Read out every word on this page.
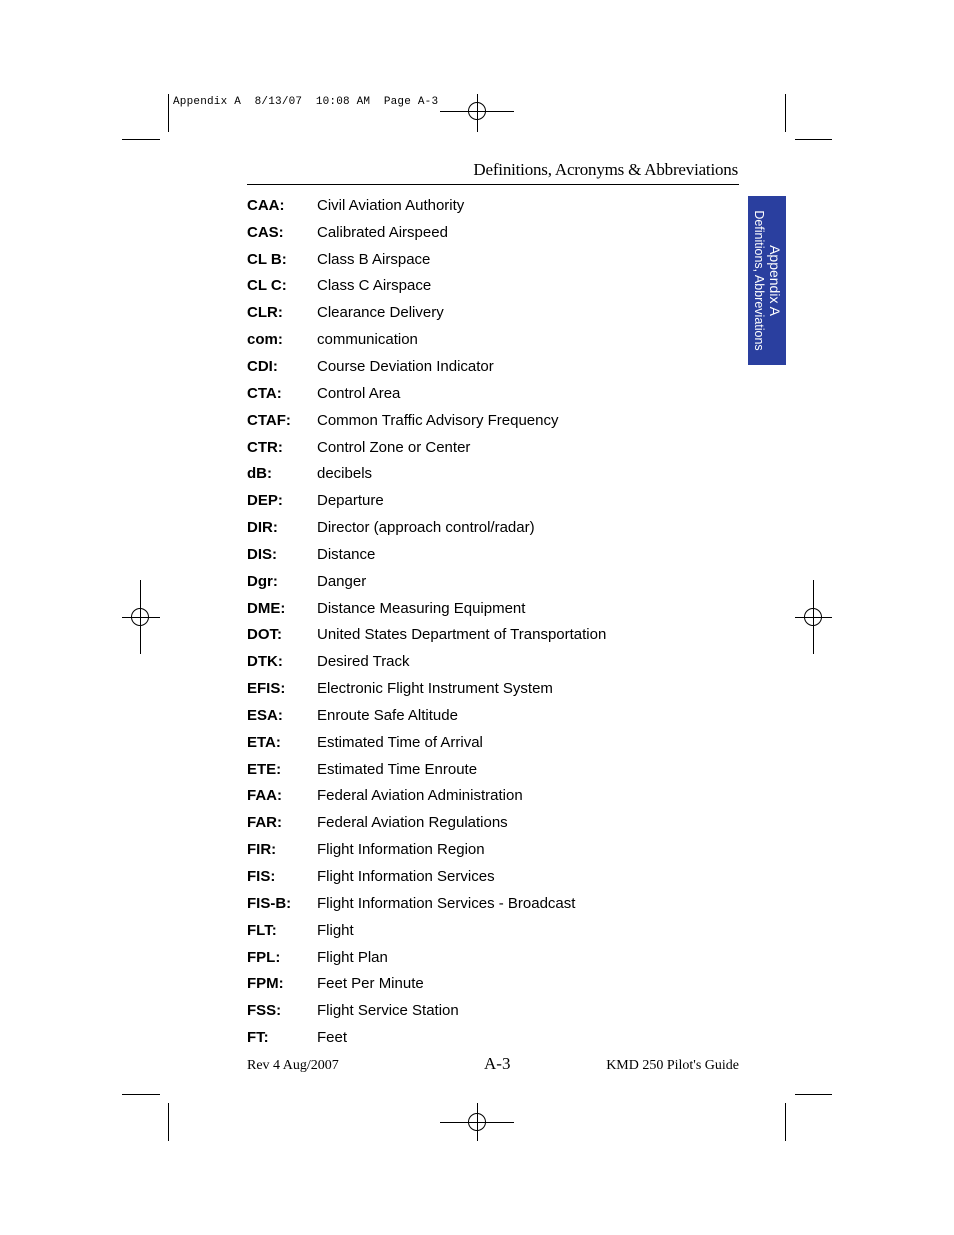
Appendix A  8/13/07  10:08 AM  Page A-3
Definitions, Acronyms & Abbreviations
Appendix A
Definitions, Abbreviations
CAA:	Civil Aviation Authority
CAS:	Calibrated Airspeed
CL B:	Class B Airspace
CL C:	Class C Airspace
CLR:	Clearance Delivery
com:	communication
CDI:	Course Deviation Indicator
CTA:	Control Area
CTAF:	Common Traffic Advisory Frequency
CTR:	Control Zone or Center
dB:	decibels
DEP:	Departure
DIR:	Director (approach control/radar)
DIS:	Distance
Dgr:	Danger
DME:	Distance Measuring Equipment
DOT:	United States Department of Transportation
DTK:	Desired Track
EFIS:	Electronic Flight Instrument System
ESA:	Enroute Safe Altitude
ETA:	Estimated Time of Arrival
ETE:	Estimated Time Enroute
FAA:	Federal Aviation Administration
FAR:	Federal Aviation Regulations
FIR:	Flight Information Region
FIS:	Flight Information Services
FIS-B:	Flight Information Services - Broadcast
FLT:	Flight
FPL:	Flight Plan
FPM:	Feet Per Minute
FSS:	Flight Service Station
FT:	Feet
Rev 4 Aug/2007	A-3	KMD 250 Pilot's Guide
